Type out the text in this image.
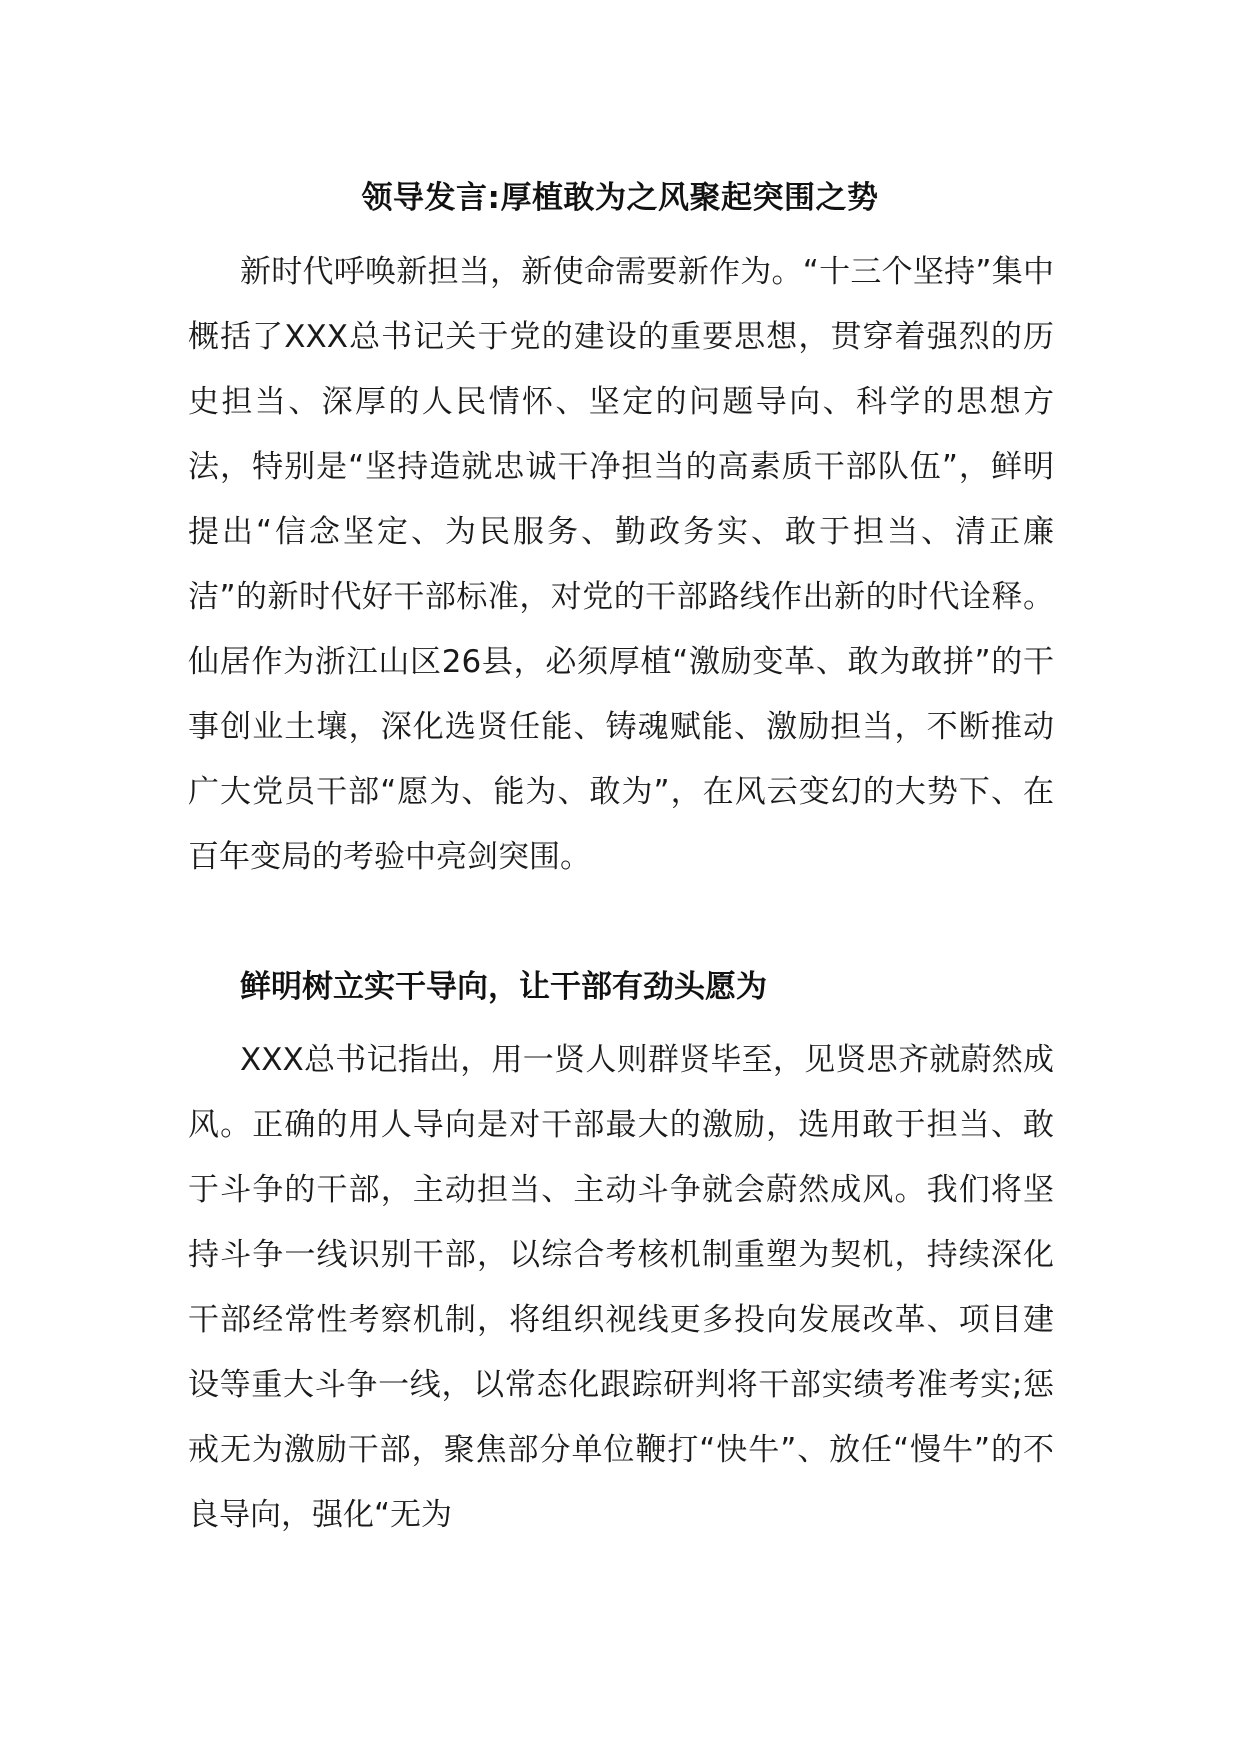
领导发言:厚植敢为之风聚起突围之势
新时代呼唤新担当，新使命需要新作为。“十三个坚持”集中概括了XXX总书记关于党的建设的重要思想，贯穿着强烈的历史担当、深厚的人民情怀、坚定的问题导向、科学的思想方法，特别是“坚持造就忠诚干净担当的高素质干部队伍”，鲜明提出“信念坚定、为民服务、勤政务实、敢于担当、清正廉洁”的新时代好干部标准，对党的干部路线作出新的时代诠释。仙居作为浙江山区26县，必须厚植“激励变革、敢为敢拼”的干事创业土壤，深化选贤任能、铸魂赋能、激励担当，不断推动广大党员干部“愿为、能为、敢为”，在风云变幻的大势下、在百年变局的考验中亮剑突围。
鲜明树立实干导向，让干部有劲头愿为
XXX总书记指出，用一贤人则群贤毕至，见贤思齐就蔚然成风。正确的用人导向是对干部最大的激励，选用敢于担当、敢于斗争的干部，主动担当、主动斗争就会蔚然成风。我们将坚持斗争一线识别干部，以综合考核机制重塑为契机，持续深化干部经常性考察机制，将组织视线更多投向发展改革、项目建设等重大斗争一线，以常态化跟踪研判将干部实绩考准考实;惩戒无为激励干部，聚焦部分单位鞭打“快牛”、放任“慢牛”的不良导向，强化“无为
